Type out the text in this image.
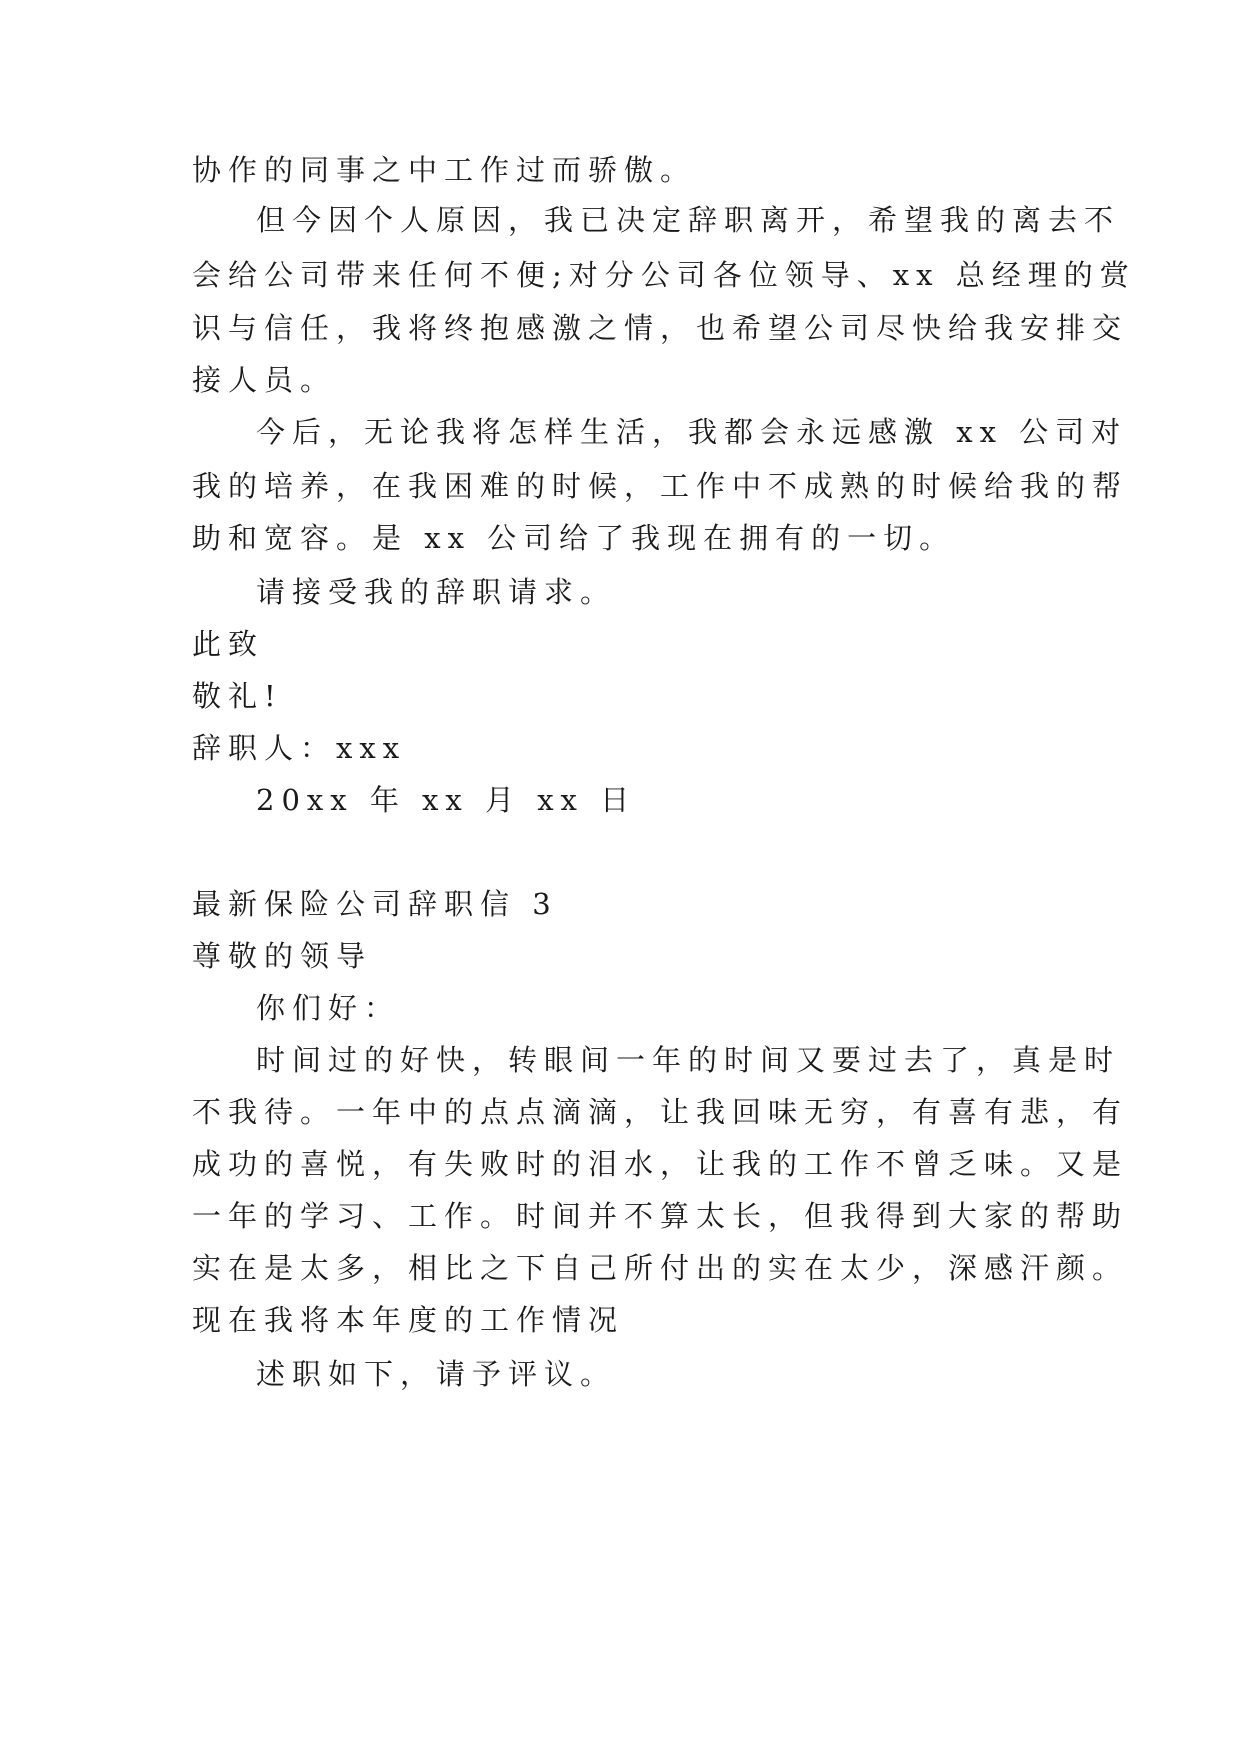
协作的同事之中工作过而骄傲。
但今因个人原因，我已决定辞职离开，希望我的离去不
会给公司带来任何不便;对分公司各位领导、xx 总经理的赏
识与信任，我将终抱感激之情，也希望公司尽快给我安排交
接人员。
今后，无论我将怎样生活，我都会永远感激 xx 公司对
我的培养，在我困难的时候，工作中不成熟的时候给我的帮
助和宽容。是 xx 公司给了我现在拥有的一切。
请接受我的辞职请求。
此致
敬礼!
辞职人：xxx
20xx 年 xx 月 xx 日
最新保险公司辞职信 3
尊敬的领导
你们好：
时间过的好快，转眼间一年的时间又要过去了，真是时
不我待。一年中的点点滴滴，让我回味无穷，有喜有悲，有
成功的喜悦，有失败时的泪水，让我的工作不曾乏味。又是
一年的学习、工作。时间并不算太长，但我得到大家的帮助
实在是太多，相比之下自己所付出的实在太少，深感汗颜。
现在我将本年度的工作情况
述职如下，请予评议。
